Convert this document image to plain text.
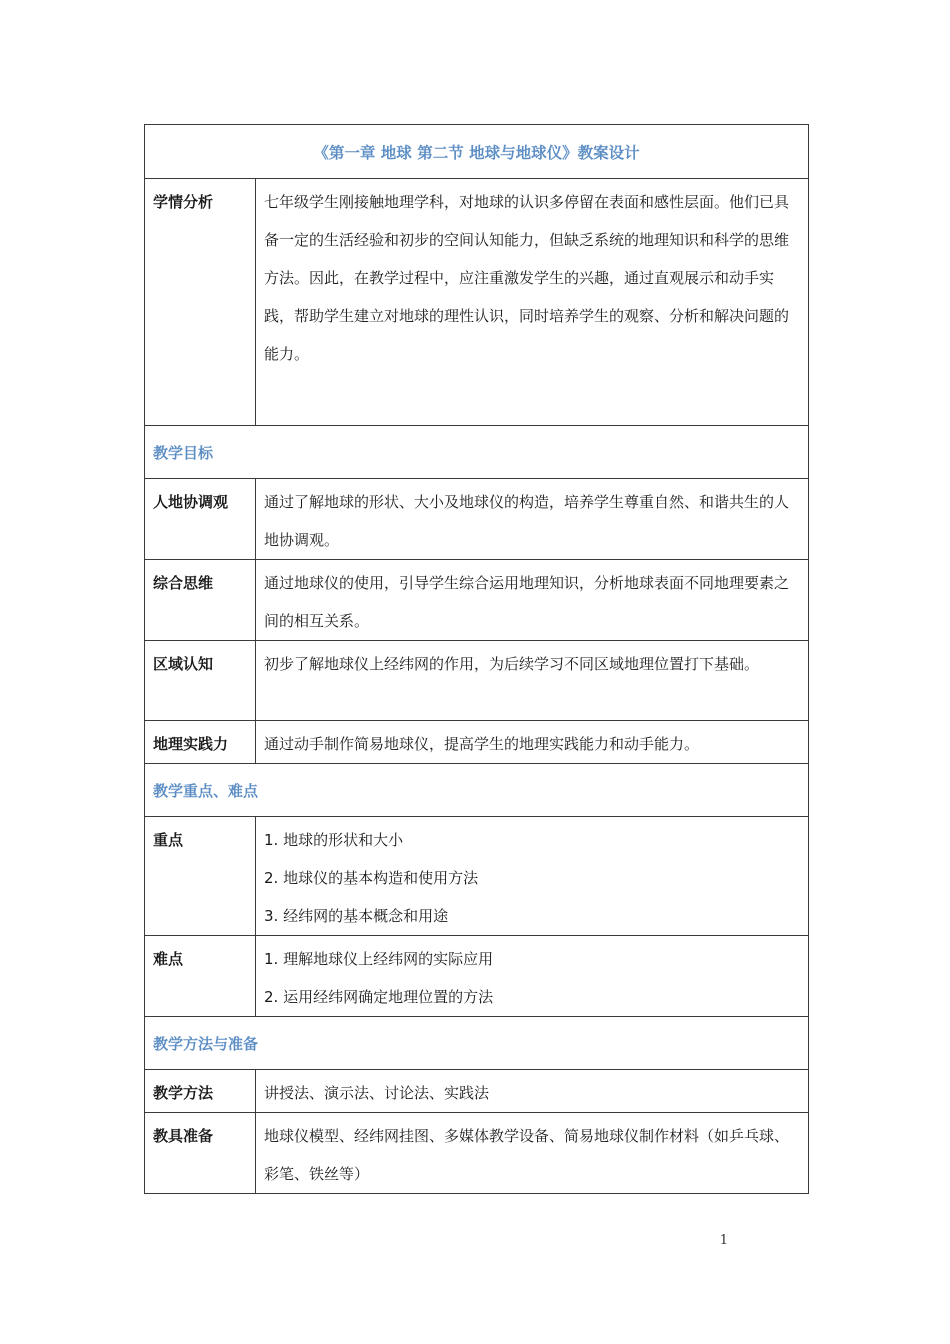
《第一章 地球 第二节 地球与地球仪》教案设计	
学情分析	七年级学生刚接触地理学科，对地球的认识多停留在表面和感性层面。他们已具备一定的生活经验和初步的空间认知能力，但缺乏系统的地理知识和科学的思维方法。因此，在教学过程中，应注重激发学生的兴趣，通过直观展示和动手实践，帮助学生建立对地球的理性认识，同时培养学生的观察、分析和解决问题的能力。
教学目标	
人地协调观	通过了解地球的形状、大小及地球仪的构造，培养学生尊重自然、和谐共生的人地协调观。
综合思维	通过地球仪的使用，引导学生综合运用地理知识，分析地球表面不同地理要素之间的相互关系。
区域认知	初步了解地球仪上经纬网的作用，为后续学习不同区域地理位置打下基础。
地理实践力	通过动手制作简易地球仪，提高学生的地理实践能力和动手能力。
教学重点、难点	
重点	1. 地球的形状和大小

2. 地球仪的基本构造和使用方法

3. 经纬网的基本概念和用途

难点	1. 理解地球仪上经纬网的实际应用

2. 运用经纬网确定地理位置的方法

教学方法与准备	
教学方法	讲授法、演示法、讨论法、实践法
教具准备	地球仪模型、经纬网挂图、多媒体教学设备、简易地球仪制作材料（如乒乓球、彩笔、铁丝等）
1
